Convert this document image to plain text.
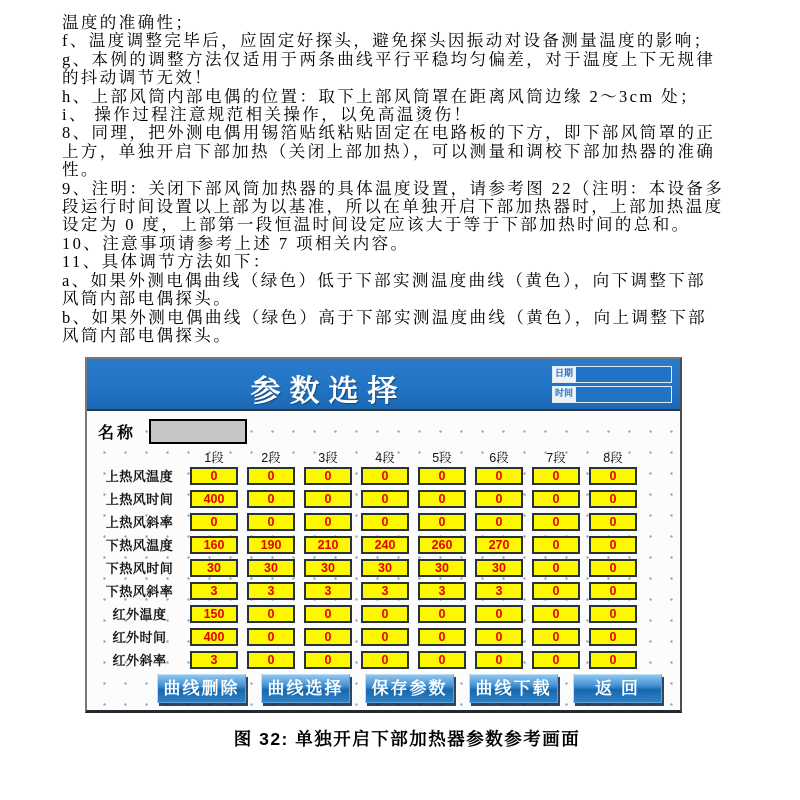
温度的准确性；
f、温度调整完毕后，应固定好探头，避免探头因振动对设备测量温度的影响；
g、本例的调整方法仅适用于两条曲线平行平稳均匀偏差，对于温度上下无规律
的抖动调节无效！
h、上部风筒内部电偶的位置：取下上部风筒罩在距离风筒边缘 2～3cm 处；
i、 操作过程注意规范相关操作，以免高温烫伤！
8、同理，把外测电偶用锡箔贴纸粘贴固定在电路板的下方，即下部风筒罩的正
上方，单独开启下部加热（关闭上部加热），可以测量和调校下部加热器的准确
性。
9、注明：关闭下部风筒加热器的具体温度设置，请参考图 22（注明：本设备多
段运行时间设置以上部为以基准，所以在单独开启下部加热器时，上部加热温度
设定为 0 度，上部第一段恒温时间设定应该大于等于下部加热时间的总和。
10、注意事项请参考上述 7 项相关内容。
11、具体调节方法如下：
a、如果外测电偶曲线（绿色）低于下部实测温度曲线（黄色），向下调整下部
风筒内部电偶探头。
b、如果外测电偶曲线（绿色）高于下部实测温度曲线（黄色），向上调整下部
风筒内部电偶探头。
参数选择
日期
时间
名称
1段	2段	3段	4段	5段	6段	7段	8段
上热风温度	0	0	0	0	0	0	0	0
上热风时间	400	0	0	0	0	0	0	0
上热风斜率	0	0	0	0	0	0	0	0
下热风温度	160	190	210	240	260	270	0	0
下热风时间	30	30	30	30	30	30	0	0
下热风斜率	3	3	3	3	3	3	0	0
红外温度	150	0	0	0	0	0	0	0
红外时间	400	0	0	0	0	0	0	0
红外斜率	3	0	0	0	0	0	0	0
曲线删除	曲线选择	保存参数	曲线下载	返 回
图 32: 单独开启下部加热器参数参考画面
